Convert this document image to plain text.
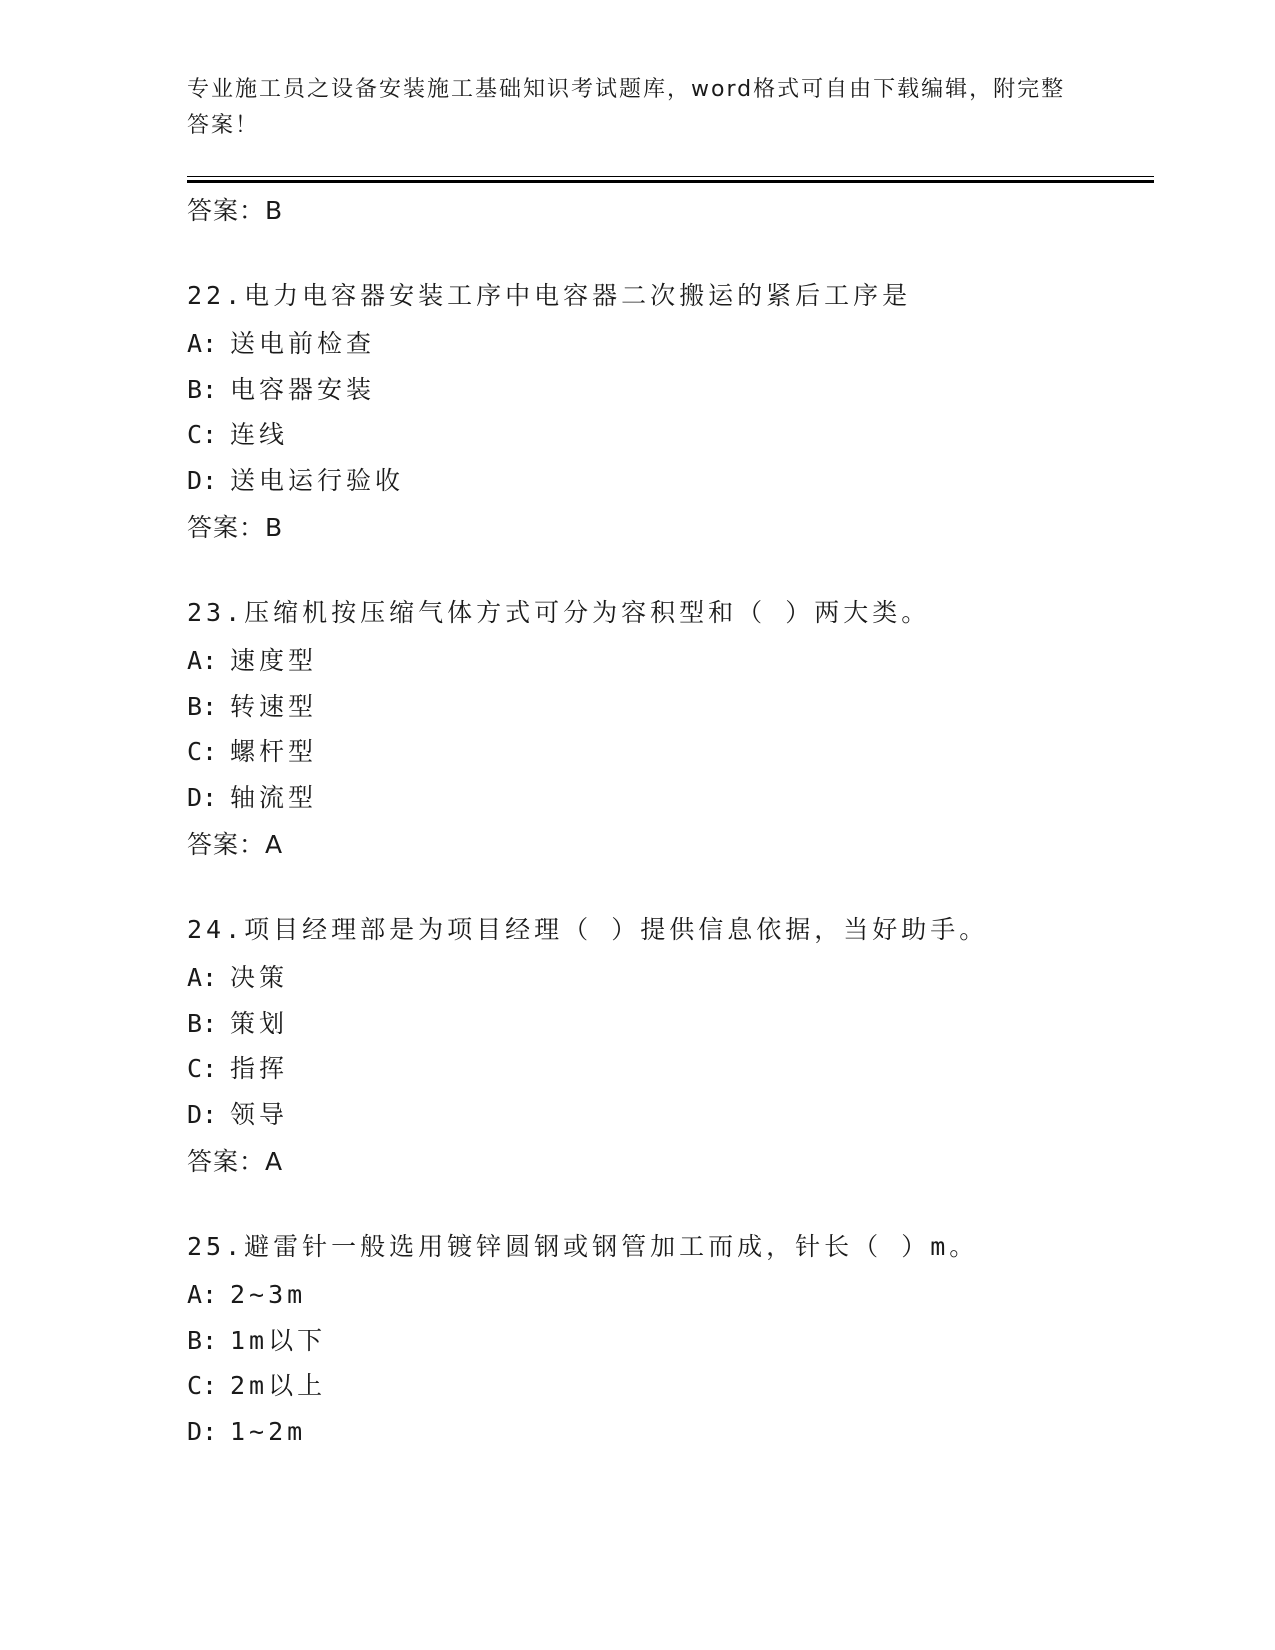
专业施工员之设备安装施工基础知识考试题库，word格式可自由下载编辑，附完整答案！
答案：B
22.电力电容器安装工序中电容器二次搬运的紧后工序是
A: 送电前检查
B: 电容器安装
C: 连线
D: 送电运行验收
答案：B
23.压缩机按压缩气体方式可分为容积型和（ ）两大类。
A: 速度型
B: 转速型
C: 螺杆型
D: 轴流型
答案：A
24.项目经理部是为项目经理（ ）提供信息依据，当好助手。
A: 决策
B: 策划
C: 指挥
D: 领导
答案：A
25.避雷针一般选用镀锌圆钢或钢管加工而成，针长（ ）m。
A: 2~3m
B: 1m以下
C: 2m以上
D: 1~2m
